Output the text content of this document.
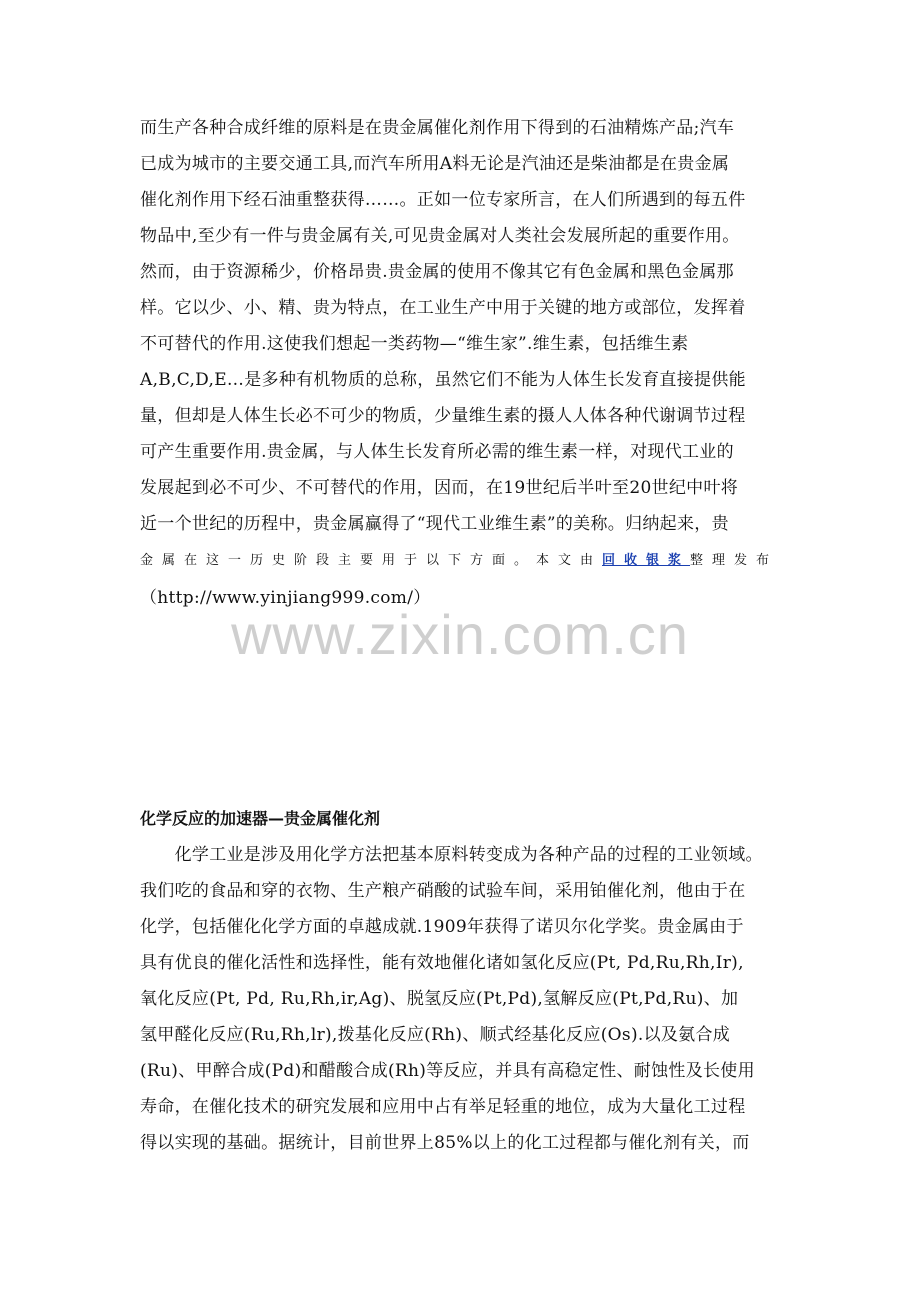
而生产各种合成纤维的原料是在贵金属催化剂作用下得到的石油精炼产品;汽车
已成为城市的主要交通工具,而汽车所用A料无论是汽油还是柴油都是在贵金属
催化剂作用下经石油重整获得……。正如一位专家所言，在人们所遇到的每五件
物品中,至少有一件与贵金属有关,可见贵金属对人类社会发展所起的重要作用。
然而，由于资源稀少，价格昂贵.贵金属的使用不像其它有色金属和黑色金属那
样。它以少、小、精、贵为特点，在工业生产中用于关键的地方或部位，发挥着
不可替代的作用.这使我们想起一类药物—“维生家”.维生素，包括维生素
A,B,C,D,E…是多种有机物质的总称，虽然它们不能为人体生长发育直接提供能
量，但却是人体生长必不可少的物质，少量维生素的摄人人体各种代谢调节过程
可产生重要作用.贵金属，与人体生长发育所必需的维生素一样，对现代工业的
发展起到必不可少、不可替代的作用，因而，在19世纪后半叶至20世纪中叶将
近一个世纪的历程中，贵金属赢得了“现代工业维生素”的美称。归纳起来，贵
金属在这一历史阶段主要用于以下方面。本文由回收银浆整理发布
（http://www.yinjiang999.com/）
www.zixin.com.cn
化学反应的加速器—贵金属催化剂
　　化学工业是涉及用化学方法把基本原料转变成为各种产品的过程的工业领域。
我们吃的食品和穿的衣物、生产粮产硝酸的试验车间，采用铂催化剂，他由于在
化学，包括催化化学方面的卓越成就.1909年获得了诺贝尔化学奖。贵金属由于
具有优良的催化活性和选择性，能有效地催化诸如氢化反应(Pt, Pd,Ru,Rh,Ir),
氧化反应(Pt, Pd, Ru,Rh,ir,Ag)、脱氢反应(Pt,Pd),氢解反应(Pt,Pd,Ru)、加
氢甲醛化反应(Ru,Rh,lr),拨基化反应(Rh)、顺式经基化反应(Os).以及氨合成
(Ru)、甲醉合成(Pd)和醋酸合成(Rh)等反应，并具有高稳定性、耐蚀性及长使用
寿命，在催化技术的研究发展和应用中占有举足轻重的地位，成为大量化工过程
得以实现的基础。据统计，目前世界上85%以上的化工过程都与催化剂有关，而
